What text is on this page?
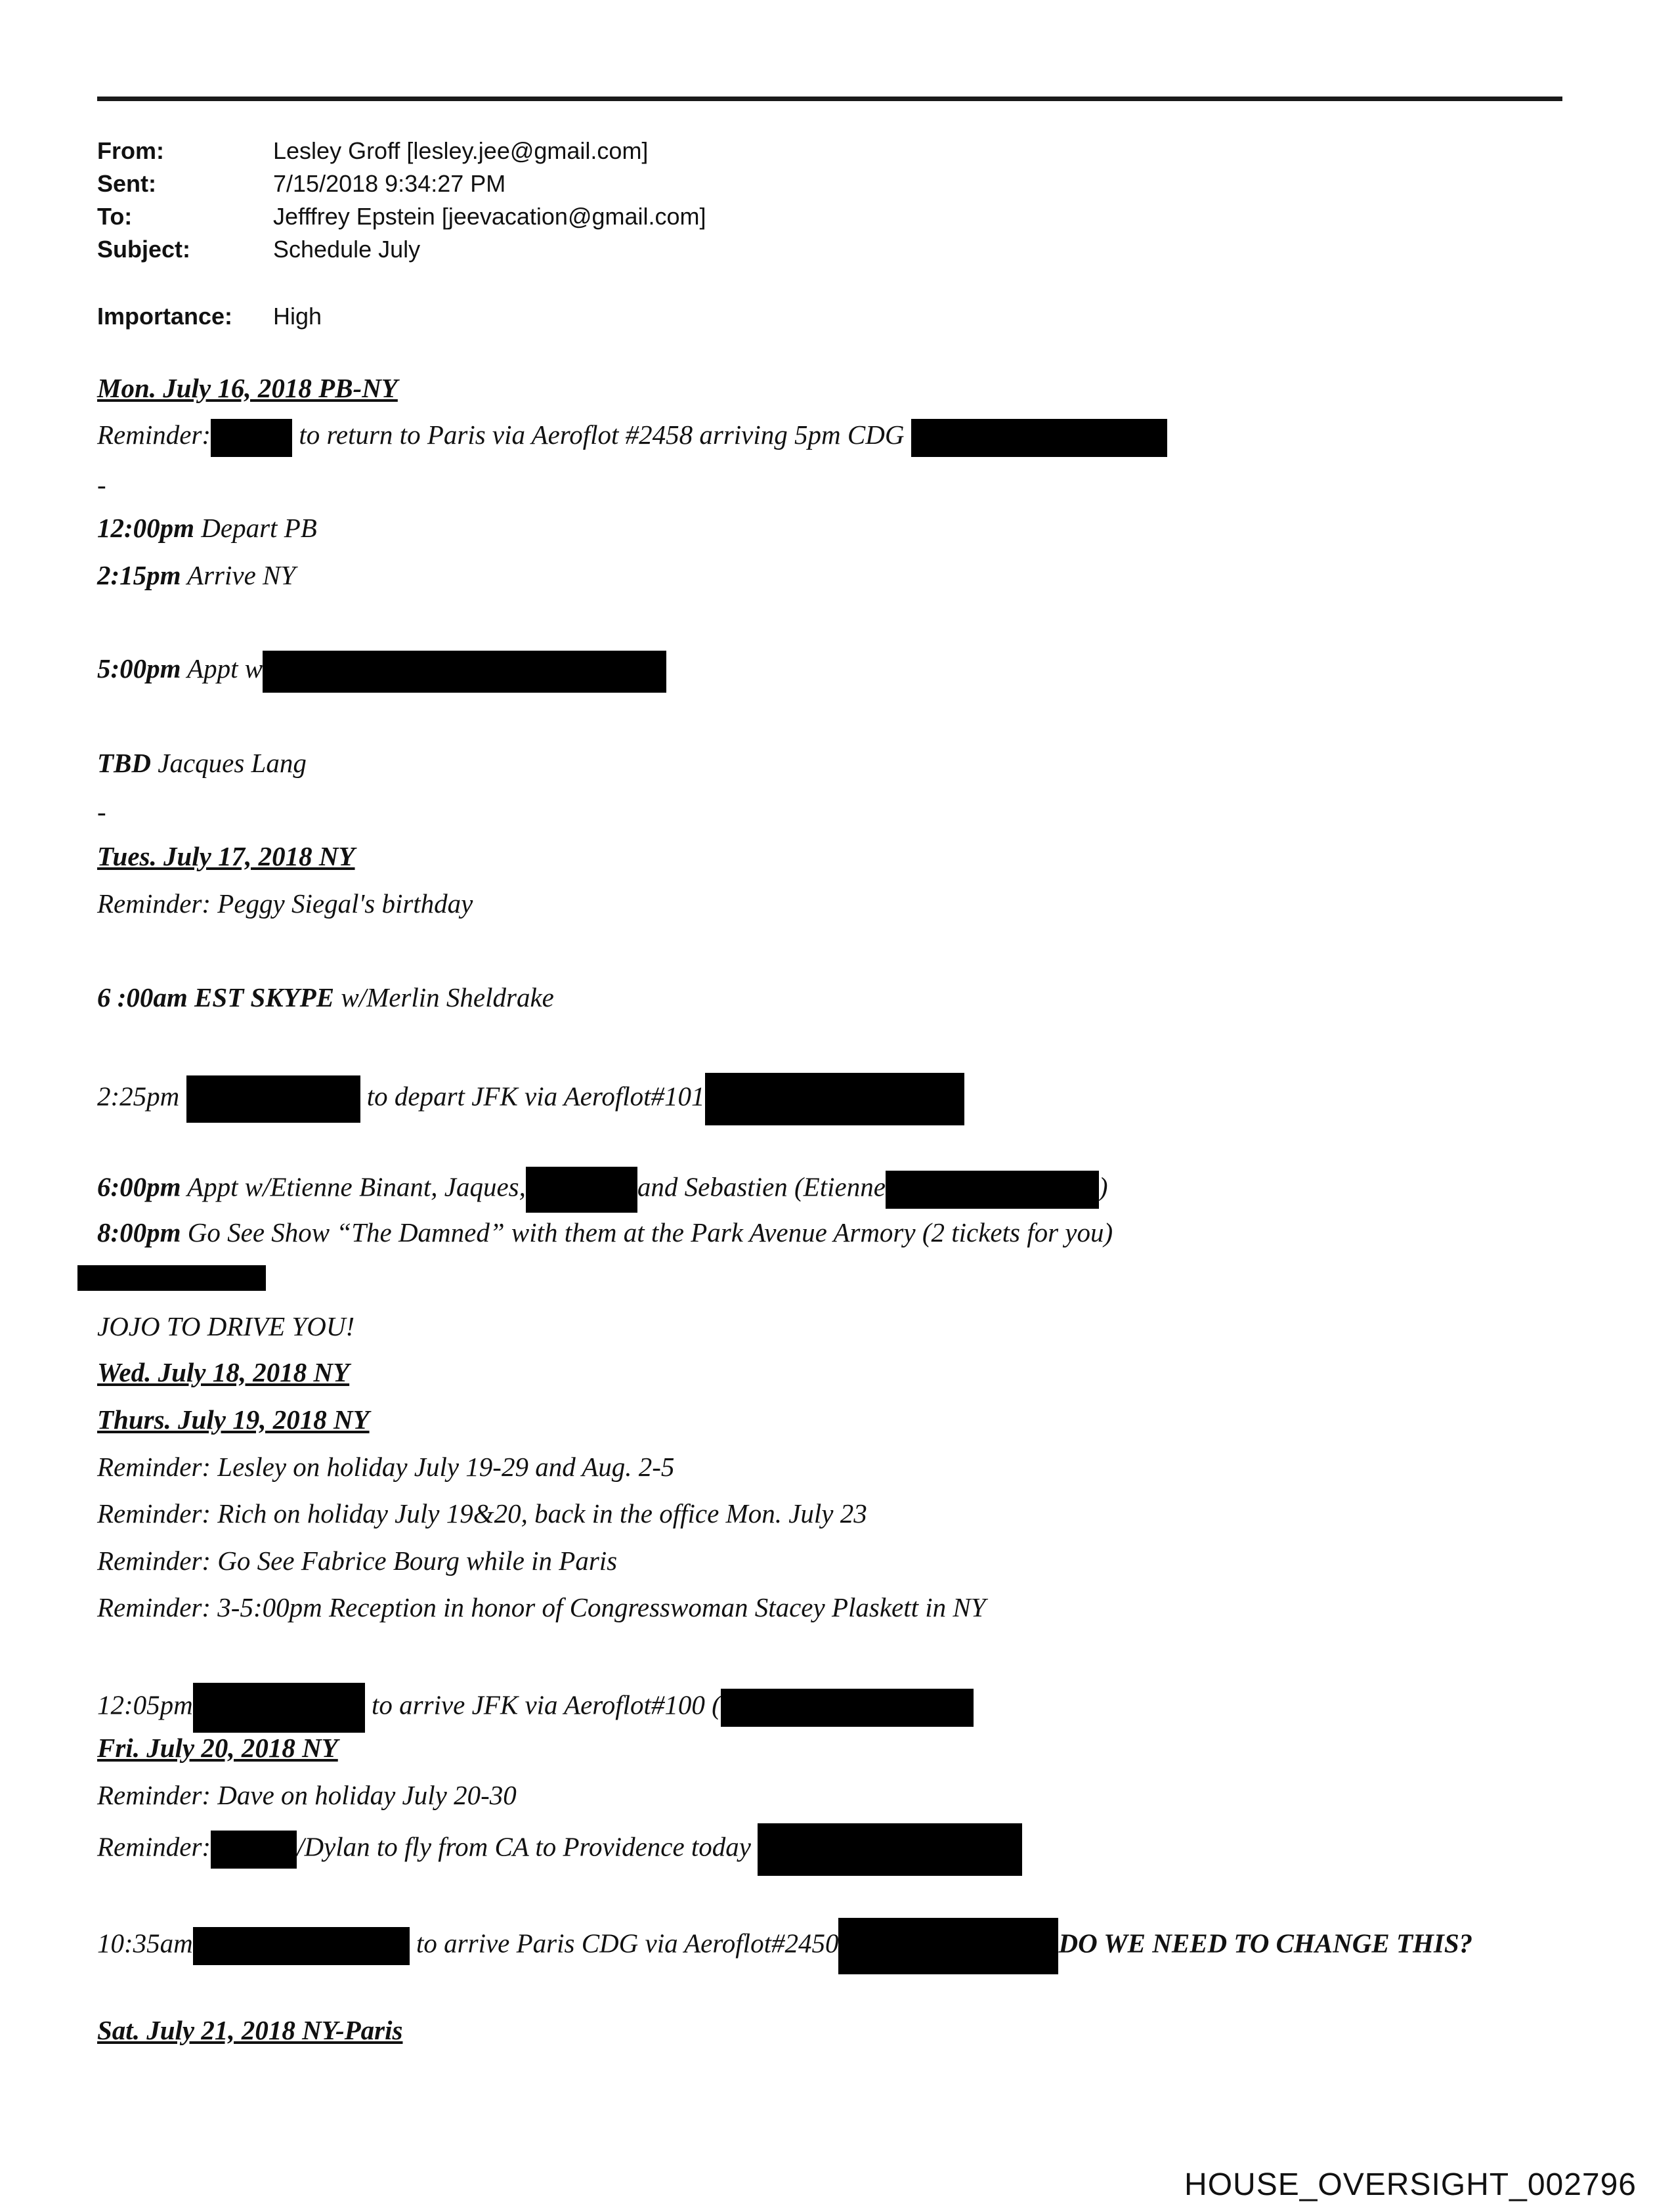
From:	Lesley Groff [lesley.jee@gmail.com]
Sent:	7/15/2018 9:34:27 PM
To:	Jefffrey Epstein [jeevacation@gmail.com]
Subject:	Schedule July
Importance: High
Mon. July 16, 2018 PB-NY
Reminder:	to return to Paris via Aeroflot #2458 arriving 5pm CDG
-
12:00pm Depart PB
2:15pm Arrive NY
5:00pm Appt w
TBD Jacques Lang
-
Tues. July 17, 2018 NY
Reminder: Peggy Siegal's birthday
6 :00am EST SKYPE w/Merlin Sheldrake
2:25pm	to depart JFK via Aeroflot#101
6:00pm Appt w/Etienne Binant, Jaques,	and Sebastien (Etienne	)
8:00pm Go See Show “The Damned” with them at the Park Avenue Armory (2 tickets for you)
JOJO TO DRIVE YOU!
Wed. July 18, 2018 NY
Thurs. July 19, 2018 NY
Reminder: Lesley on holiday July 19-29 and Aug. 2-5
Reminder: Rich on holiday July 19&20, back in the office Mon. July 23
Reminder: Go See Fabrice Bourg while in Paris
Reminder: 3-5:00pm Reception in honor of Congresswoman Stacey Plaskett in NY
12:05pm	to arrive JFK via Aeroflot#100 (
Fri. July 20, 2018 NY
Reminder: Dave on holiday July 20-30
Reminder:	/Dylan to fly from CA to Providence today
10:35am	to arrive Paris CDG via Aeroflot#2450	DO WE NEED TO CHANGE THIS?
Sat. July 21, 2018 NY-Paris
HOUSE_OVERSIGHT_002796
